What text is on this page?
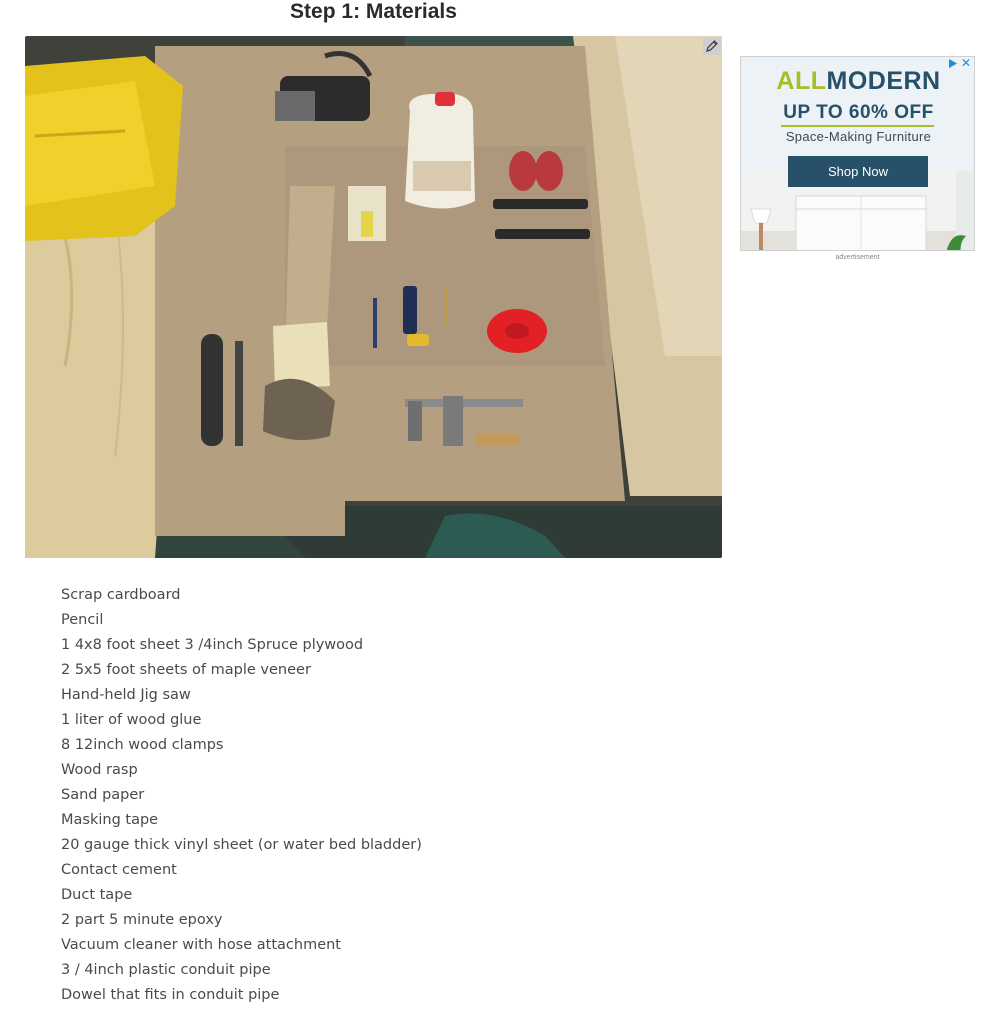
Step 1: Materials
ALLMODERN
UP TO 60% OFF
Space-Making Furniture
Shop Now
✕
advertisement
Scrap cardboard
Pencil
1 4x8 foot sheet 3 /4inch Spruce plywood
2 5x5 foot sheets of maple veneer
Hand-held Jig saw
1 liter of wood glue
8 12inch wood clamps
Wood rasp
Sand paper
Masking tape
20 gauge thick vinyl sheet (or water bed bladder)
Contact cement
Duct tape
2 part 5 minute epoxy
Vacuum cleaner with hose attachment
3 / 4inch plastic conduit pipe
Dowel that fits in conduit pipe
